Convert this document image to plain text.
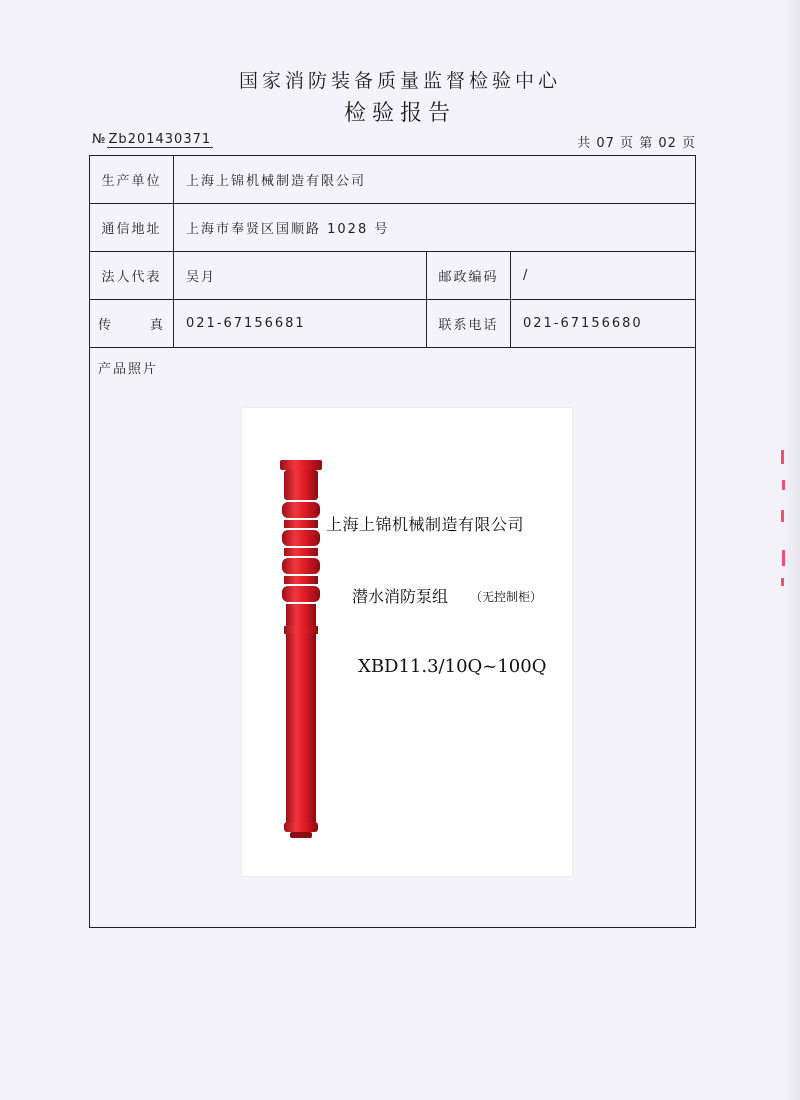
国家消防装备质量监督检验中心
检验报告
№ Zb201430371	共 07 页 第 02 页
生产单位	上海上锦机械制造有限公司
通信地址	上海市奉贤区国顺路 1028 号
法人代表	吴月	邮政编码	/
传      真	021-67156681	联系电话	021-67156680
产品照片
上海上锦机械制造有限公司
潜水消防泵组 （无控制柜）
XBD11.3/10Q~100Q
